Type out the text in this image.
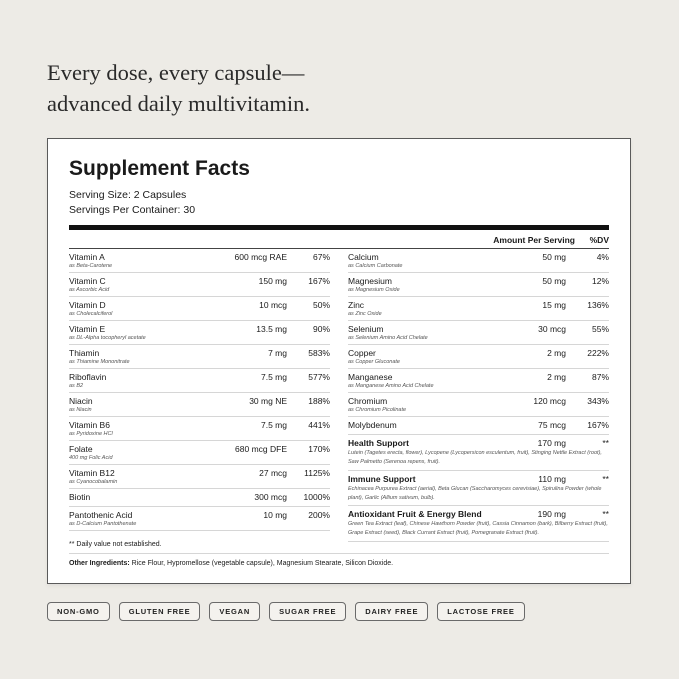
Every dose, every capsule—
advanced daily multivitamin.
Supplement Facts
Serving Size: 2 Capsules
Servings Per Container: 30
Amount Per Serving %DV
Vitamin A
as Beta-Carotene
600 mcg RAE	67%
Vitamin C
as Ascorbic Acid
150 mg	167%
Vitamin D
as Cholecalciferol
10 mcg	50%
Vitamin E
as DL-Alpha tocopheryl acetate
13.5 mg	90%
Thiamin
as Thiamine Mononitrate
7 mg	583%
Riboflavin
as B2
7.5 mg	577%
Niacin
as Niacin
30 mg NE	188%
Vitamin B6
as Pyridoxine HCl
7.5 mg	441%
Folate
400 mg Folic Acid
680 mcg DFE	170%
Vitamin B12
as Cyanocobalamin
27 mcg 1125%
Biotin	300 mcg 1000%
Pantothenic Acid
as D-Calcium Pantothenate
10 mg	200%
Calcium
as Calcium Carbonate
50 mg	4%
Magnesium
as Magnesium Oxide
50 mg	12%
Zinc
as Zinc Oxide
15 mg	136%
Selenium
as Selenium Amino Acid Chelate
30 mcg	55%
Copper
as Copper Gluconate
2 mg	222%
Manganese
as Manganese Amino Acid Chelate
2 mg	87%
Chromium
as Chromium Picolinate
120 mcg	343%
Molybdenum	75 mcg	167%
Health Support	170 mg	**
Lutein (Tagetes erecta, flower), Lycopene (Lycopersicon esculentum, fruit), Stinging Nettle Extract (root), Saw Palmetto (Serenoa repens, fruit).
Immune Support	110 mg	**
Echinacea Purpurea Extract (aerial), Beta Glucan (Saccharomyces cerevisiae), Spirulina Powder (whole plant), Garlic (Allium sativum, bulb).
Antioxidant Fruit & Energy Blend	190 mg	**
Green Tea Extract (leaf), Chinese Hawthorn Powder (fruit), Cassia Cinnamon (bark), Bilberry Extract (fruit), Grape Extract (seed), Black Currant Extract (fruit), Pomegranate Extract (fruit).
** Daily value not established.
Other Ingredients: Rice Flour, Hypromellose (vegetable capsule), Magnesium Stearate, Silicon Dioxide.
NON-GMO	GLUTEN FREE	VEGAN	SUGAR FREE	DAIRY FREE	LACTOSE FREE
